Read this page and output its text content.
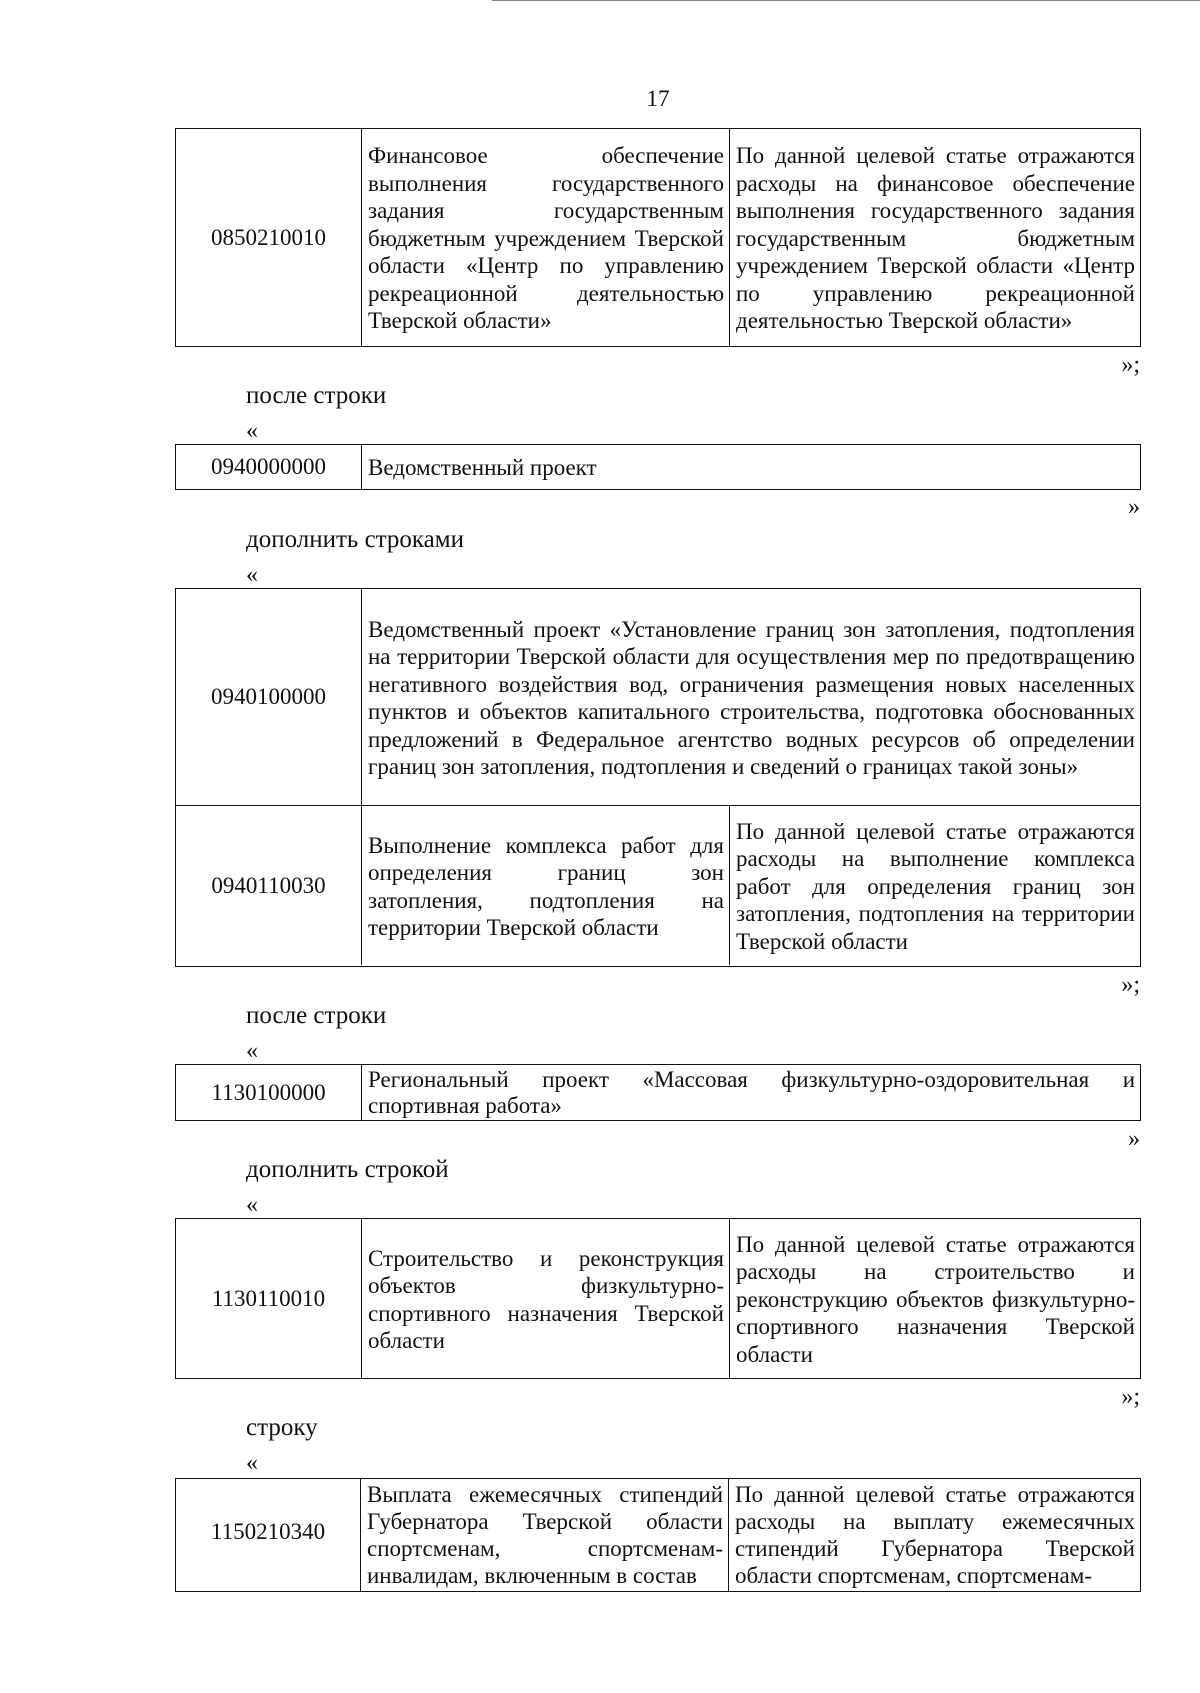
17
0850210010
Финансовое обеспечение выполнения государственного задания государственным бюджетным учреждением Тверской области «Центр по управлению рекреационной деятельностью Тверской области»
По данной целевой статье отражаются расходы на финансовое обеспечение выполнения государственного задания государственным бюджетным учреждением Тверской области «Центр по управлению рекреационной деятельностью Тверской области»
»;
после строки
«
0940000000	Ведомственный проект
»
дополнить строками
«
0940100000
Ведомственный проект «Установление границ зон затопления, подтопления на территории Тверской области для осуществления мер по предотвращению негативного воздействия вод, ограничения размещения новых населенных пунктов и объектов капитального строительства, подготовка обоснованных предложений в Федеральное агентство водных ресурсов об определении границ зон затопления, подтопления и сведений о границах такой зоны»
0940110030
Выполнение комплекса работ для определения границ зон затопления, подтопления на территории Тверской области
По данной целевой статье отражаются расходы на выполнение комплекса работ для определения границ зон затопления, подтопления на территории Тверской области
»;
после строки
«
1130100000
Региональный проект «Массовая физкультурно-оздоровительная и спортивная работа»
»
дополнить строкой
«
1130110010
Строительство и реконструкция объектов физкультурно-спортивного назначения Тверской области
По данной целевой статье отражаются расходы на строительство и реконструкцию объектов физкультурно-спортивного назначения Тверской области
»;
строку
«
1150210340
Выплата ежемесячных стипендий Губернатора Тверской области спортсменам, спортсменам-инвалидам, включенным в состав
По данной целевой статье отражаются расходы на выплату ежемесячных стипендий Губернатора Тверской области спортсменам, спортсменам-
